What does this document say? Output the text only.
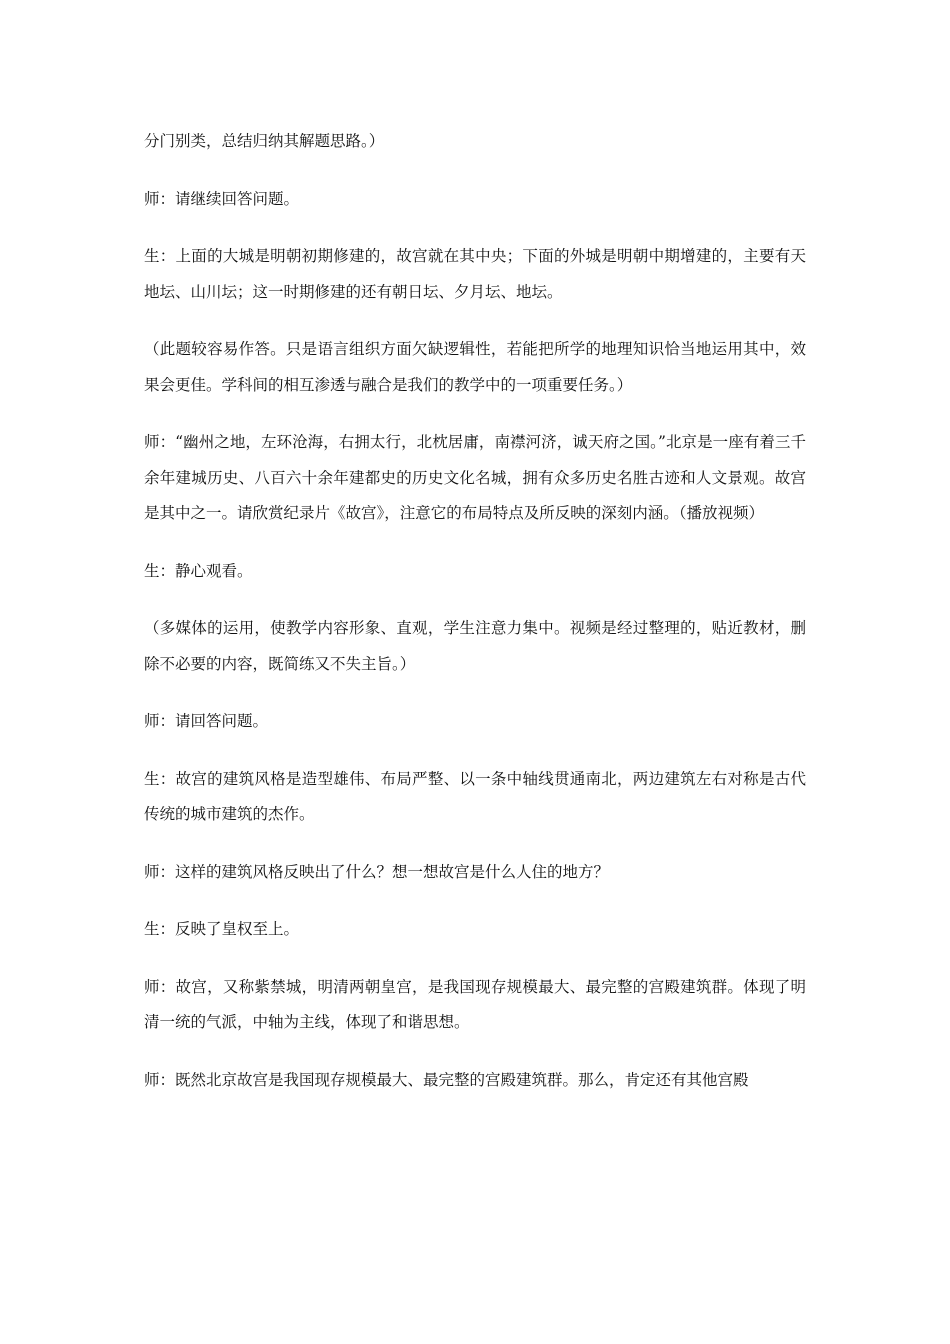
分门别类，总结归纳其解题思路。）

师：请继续回答问题。

生：上面的大城是明朝初期修建的，故宫就在其中央；下面的外城是明朝中期增建的，主要有天地坛、山川坛；这一时期修建的还有朝日坛、夕月坛、地坛。

（此题较容易作答。只是语言组织方面欠缺逻辑性，若能把所学的地理知识恰当地运用其中，效果会更佳。学科间的相互渗透与融合是我们的教学中的一项重要任务。）

师：“幽州之地，左环沧海，右拥太行，北枕居庸，南襟河济，诚天府之国。”北京是一座有着三千余年建城历史、八百六十余年建都史的历史文化名城，拥有众多历史名胜古迹和人文景观。故宫是其中之一。请欣赏纪录片《故宫》，注意它的布局特点及所反映的深刻内涵。（播放视频）

生：静心观看。

（多媒体的运用，使教学内容形象、直观，学生注意力集中。视频是经过整理的，贴近教材，删除不必要的内容，既简练又不失主旨。）

师：请回答问题。

生：故宫的建筑风格是造型雄伟、布局严整、以一条中轴线贯通南北，两边建筑左右对称是古代传统的城市建筑的杰作。

师：这样的建筑风格反映出了什么？想一想故宫是什么人住的地方？

生：反映了皇权至上。

师：故宫，又称紫禁城，明清两朝皇宫，是我国现存规模最大、最完整的宫殿建筑群。体现了明清一统的气派，中轴为主线，体现了和谐思想。

师：既然北京故宫是我国现存规模最大、最完整的宫殿建筑群。那么，肯定还有其他宫殿
